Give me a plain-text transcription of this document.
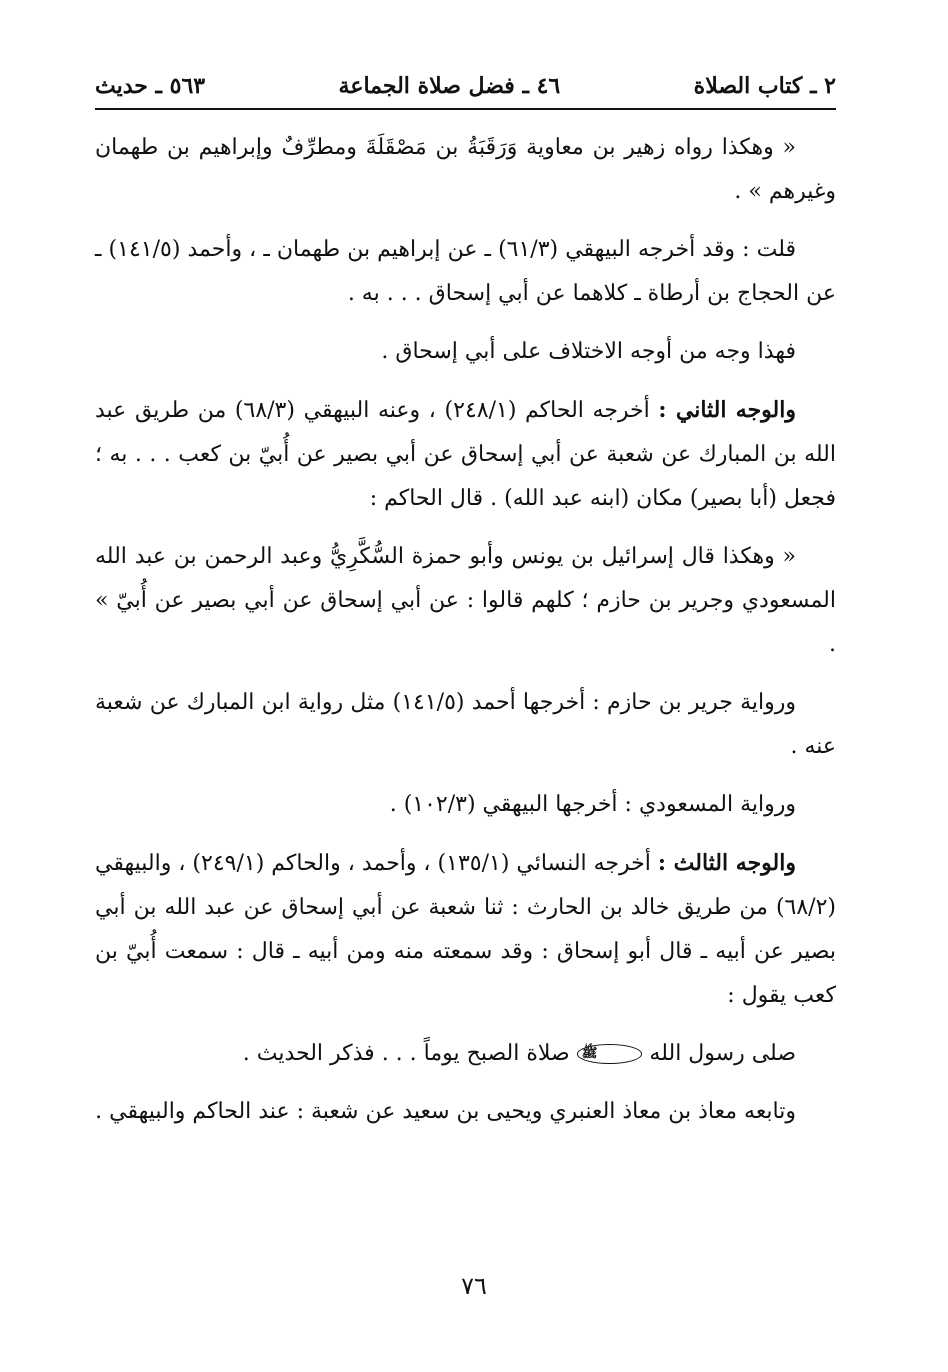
٢ ـ كتاب الصلاة
٤٦ ـ فضل صلاة الجماعة
٥٦٣ ـ حديث

« وهكذا رواه زهير بن معاوية وَرَقَبَةُ بن مَصْقَلَةَ ومطرِّفٌ وإبراهيم بن طهمان وغيرهم » .

قلت : وقد أخرجه البيهقي (٦١/٣) ـ عن إبراهيم بن طهمان ـ ، وأحمد (١٤١/٥) ـ عن الحجاج بن أرطاة ـ كلاهما عن أبي إسحاق . . . به .

فهذا وجه من أوجه الاختلاف على أبي إسحاق .

والوجه الثاني : أخرجه الحاكم (٢٤٨/١) ، وعنه البيهقي (٦٨/٣) من طريق عبد الله بن المبارك عن شعبة عن أبي إسحاق عن أبي بصير عن أُبيّ بن كعب . . . به ؛ فجعل (أبا بصير) مكان (ابنه عبد الله) . قال الحاكم :

« وهكذا قال إسرائيل بن يونس وأبو حمزة السُّكَّرِيُّ وعبد الرحمن بن عبد الله المسعودي وجرير بن حازم ؛ كلهم قالوا : عن أبي إسحاق عن أبي بصير عن أُبيّ » .

ورواية جرير بن حازم : أخرجها أحمد (١٤١/٥) مثل رواية ابن المبارك عن شعبة عنه .

ورواية المسعودي : أخرجها البيهقي (١٠٢/٣) .

والوجه الثالث : أخرجه النسائي (١٣٥/١) ، وأحمد ، والحاكم (٢٤٩/١) ، والبيهقي (٦٨/٢) من طريق خالد بن الحارث : ثنا شعبة عن أبي إسحاق عن عبد الله بن أبي بصير عن أبيه ـ قال أبو إسحاق : وقد سمعته منه ومن أبيه ـ قال : سمعت أُبيّ بن كعب يقول :

صلى رسول الله ﷺ صلاة الصبح يوماً . . . فذكر الحديث .

وتابعه معاذ بن معاذ العنبري ويحيى بن سعيد عن شعبة : عند الحاكم والبيهقي .

٧٦
